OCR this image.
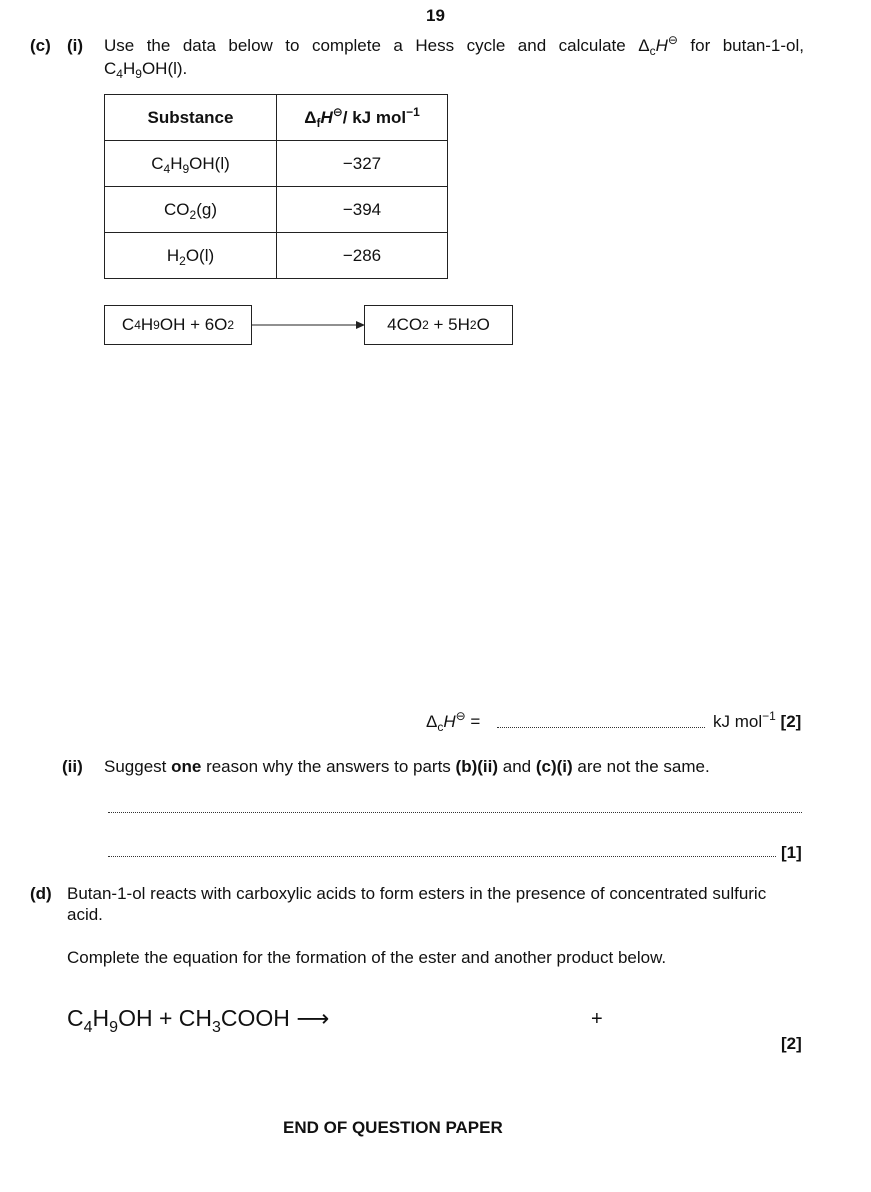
19
(c) (i) Use the data below to complete a Hess cycle and calculate $\Delta_cH^⊖$ for butan-1-ol,
$C_4H_9OH(l)$.
Substance	$\Delta_fH^⊖/$ kJ mol$^{-1}$
$C_4H_9OH(l)$	−327
$CO_2(g)$	−394
$H_2O(l)$	−286
C 4 H 9 OH + 6O 2	4CO 2 + 5H 2 O
$\Delta_cH^⊖$ =	kJ mol$^{-1}$ [2]
(ii) Suggest one reason why the answers to parts (b)(ii) and (c)(i) are not the same.
[1]
(d) Butan-1-ol reacts with carboxylic acids to form esters in the presence of concentrated sulfuric
acid.
Complete the equation for the formation of the ester and another product below.
$C_4H_9OH$ + $CH_3COOH$ ⟶	+
[2]
END OF QUESTION PAPER
